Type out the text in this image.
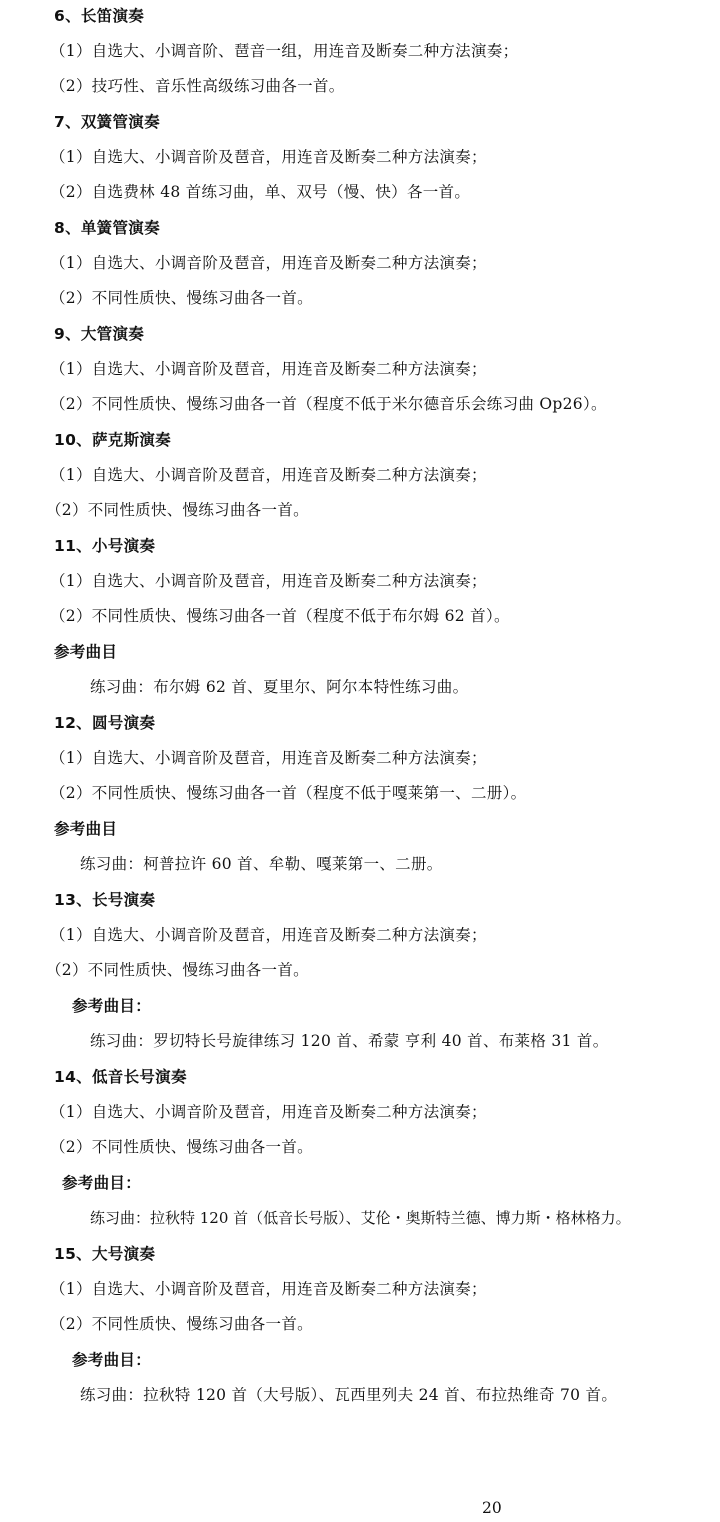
6、长笛演奏
（1）自选大、小调音阶、琶音一组，用连音及断奏二种方法演奏；
（2）技巧性、音乐性高级练习曲各一首。
7、双簧管演奏
（1）自选大、小调音阶及琶音，用连音及断奏二种方法演奏；
（2）自选费林 48 首练习曲，单、双号（慢、快）各一首。
8、单簧管演奏
（1）自选大、小调音阶及琶音，用连音及断奏二种方法演奏；
（2）不同性质快、慢练习曲各一首。
9、大管演奏
（1）自选大、小调音阶及琶音，用连音及断奏二种方法演奏；
（2）不同性质快、慢练习曲各一首（程度不低于米尔德音乐会练习曲 Op26）。
10、萨克斯演奏
（1）自选大、小调音阶及琶音，用连音及断奏二种方法演奏；
（2）不同性质快、慢练习曲各一首。
11、小号演奏
（1）自选大、小调音阶及琶音，用连音及断奏二种方法演奏；
（2）不同性质快、慢练习曲各一首（程度不低于布尔姆 62 首）。
参考曲目
练习曲：布尔姆 62 首、夏里尔、阿尔本特性练习曲。
12、圆号演奏
（1）自选大、小调音阶及琶音，用连音及断奏二种方法演奏；
（2）不同性质快、慢练习曲各一首（程度不低于嘎莱第一、二册）。
参考曲目
练习曲：柯普拉许 60 首、牟勒、嘎莱第一、二册。
13、长号演奏
（1）自选大、小调音阶及琶音，用连音及断奏二种方法演奏；
（2）不同性质快、慢练习曲各一首。
参考曲目：
练习曲：罗切特长号旋律练习 120 首、希蒙 亨利 40 首、布莱格 31 首。
14、低音长号演奏
（1）自选大、小调音阶及琶音，用连音及断奏二种方法演奏；
（2）不同性质快、慢练习曲各一首。
参考曲目：
练习曲：拉秋特 120 首（低音长号版）、艾伦・奥斯特兰德、博力斯・格林格力。
15、大号演奏
（1）自选大、小调音阶及琶音，用连音及断奏二种方法演奏；
（2）不同性质快、慢练习曲各一首。
参考曲目：
练习曲：拉秋特 120 首（大号版）、瓦西里列夫 24 首、布拉热维奇 70 首。
20
